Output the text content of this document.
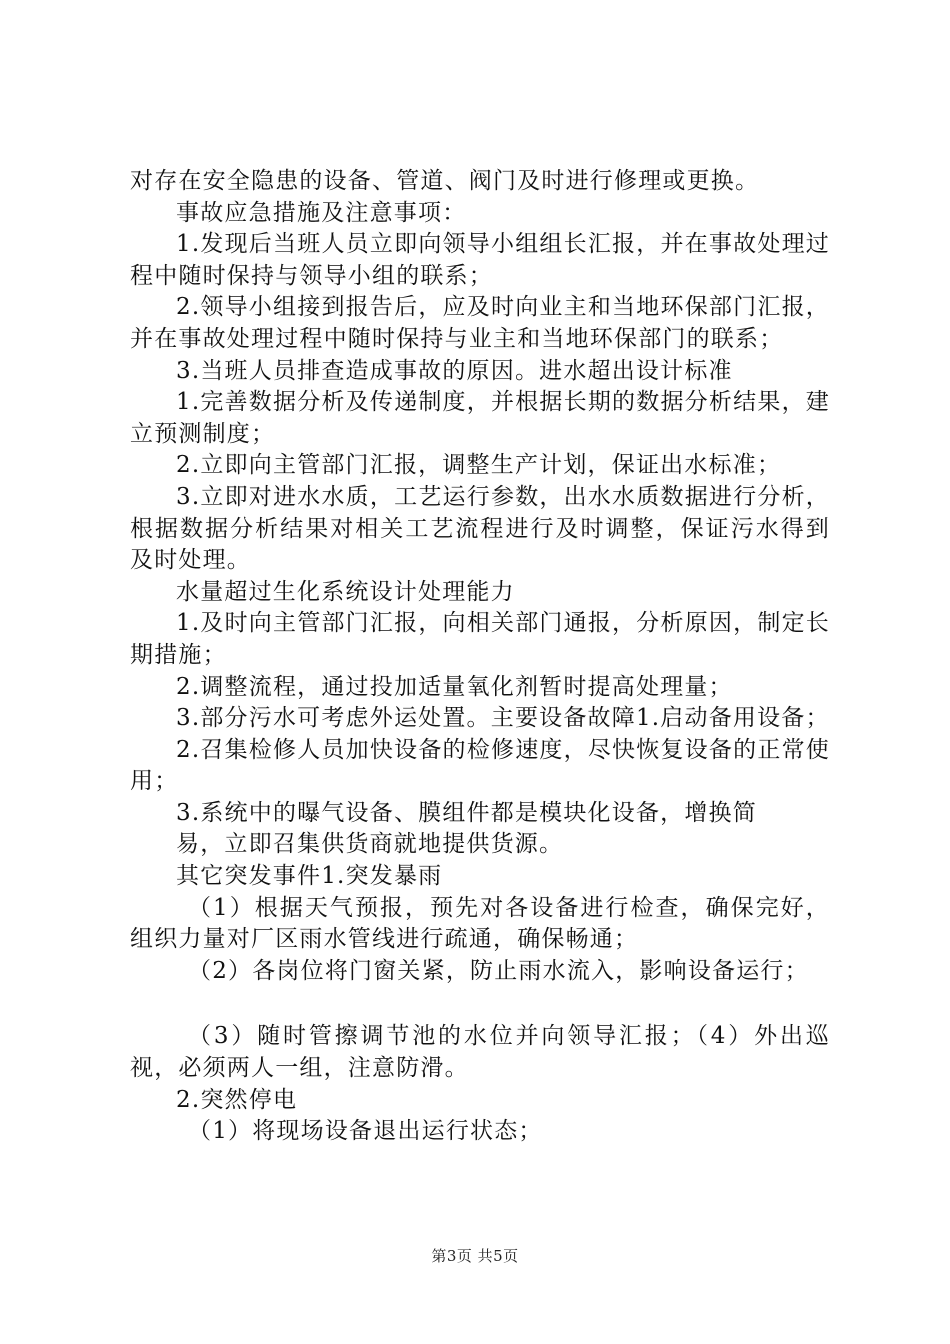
对存在安全隐患的设备、管道、阀门及时进行修理或更换。

事故应急措施及注意事项：

1.发现后当班人员立即向领导小组组长汇报，并在事故处理过程中随时保持与领导小组的联系；

2.领导小组接到报告后，应及时向业主和当地环保部门汇报，并在事故处理过程中随时保持与业主和当地环保部门的联系；

3.当班人员排查造成事故的原因。进水超出设计标准

1.完善数据分析及传递制度，并根据长期的数据分析结果，建立预测制度；

2.立即向主管部门汇报，调整生产计划，保证出水标准；

3.立即对进水水质，工艺运行参数，出水水质数据进行分析，根据数据分析结果对相关工艺流程进行及时调整，保证污水得到及时处理。

水量超过生化系统设计处理能力

1.及时向主管部门汇报，向相关部门通报，分析原因，制定长期措施；

2.调整流程，通过投加适量氧化剂暂时提高处理量；

3.部分污水可考虑外运处置。主要设备故障1.启动备用设备；

2.召集检修人员加快设备的检修速度，尽快恢复设备的正常使用；

3.系统中的曝气设备、膜组件都是模块化设备，增换简

易，立即召集供货商就地提供货源。

其它突发事件1.突发暴雨

（1）根据天气预报，预先对各设备进行检查，确保完好，组织力量对厂区雨水管线进行疏通，确保畅通；

（2）各岗位将门窗关紧，防止雨水流入，影响设备运行；

（3）随时管擦调节池的水位并向领导汇报；（4）外出巡视，必须两人一组，注意防滑。

2.突然停电

（1）将现场设备退出运行状态；

第3页 共5页
